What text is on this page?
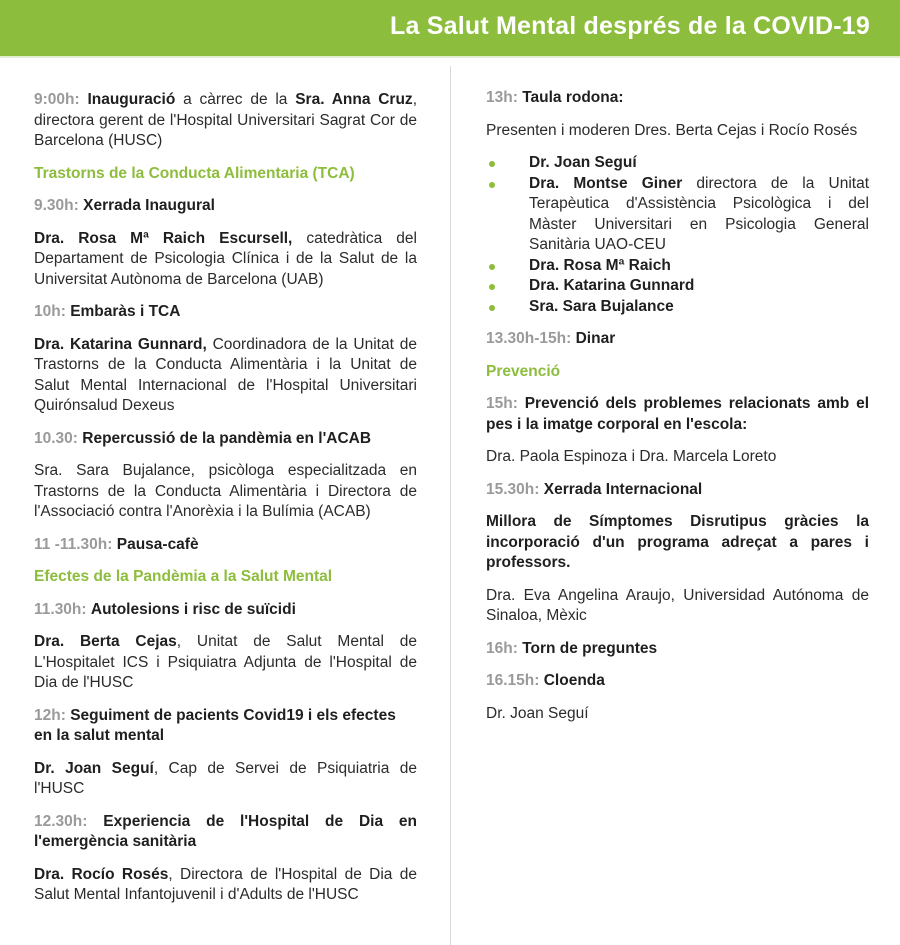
La Salut Mental després de la COVID-19

9:00h: Inauguració a càrrec de la Sra. Anna Cruz, directora gerent de l'Hospital Universitari Sagrat Cor de Barcelona (HUSC)

Trastorns de la Conducta Alimentaria (TCA)

9.30h: Xerrada Inaugural

Dra. Rosa Mª Raich Escursell, catedràtica del Departament de Psicologia Clínica i de la Salut de la Universitat Autònoma de Barcelona (UAB)

10h: Embaràs i TCA

Dra. Katarina Gunnard, Coordinadora de la Unitat de Trastorns de la Conducta Alimentària i la Unitat de Salut Mental Internacional de l'Hospital Universitari Quirónsalud Dexeus

10.30: Repercussió de la pandèmia en l'ACAB

Sra. Sara Bujalance, psicòloga especialitzada en Trastorns de la Conducta Alimentària i Directora de l'Associació contra l'Anorèxia i la Bulímia (ACAB)

11 -11.30h: Pausa-cafè

Efectes de la Pandèmia a la Salut Mental

11.30h: Autolesions i risc de suïcidi

Dra. Berta Cejas, Unitat de Salut Mental de L'Hospitalet ICS i Psiquiatra Adjunta de l'Hospital de Dia de l'HUSC

12h: Seguiment de pacients Covid19 i els efectes en la salut mental

Dr. Joan Seguí, Cap de Servei de Psiquiatria de l'HUSC

12.30h: Experiencia de l'Hospital de Dia en l'emergència sanitària

Dra. Rocío Rosés, Directora de l'Hospital de Dia de Salut Mental Infantojuvenil i d'Adults de l'HUSC

13h: Taula rodona:

Presenten i moderen Dres. Berta Cejas i Rocío Rosés

Dr. Joan Seguí
Dra. Montse Giner directora de la Unitat Terapèutica d'Assistència Psicològica i del Màster Universitari en Psicologia General Sanitària UAO-CEU
Dra. Rosa Mª Raich
Dra. Katarina Gunnard
Sra. Sara Bujalance

13.30h-15h: Dinar

Prevenció

15h: Prevenció dels problemes relacionats amb el pes i la imatge corporal en l'escola:

Dra. Paola Espinoza i Dra. Marcela Loreto

15.30h: Xerrada Internacional

Millora de Símptomes Disrutipus gràcies la incorporació d'un programa adreçat a pares i professors.

Dra. Eva Angelina Araujo, Universidad Autónoma de Sinaloa, Mèxic

16h: Torn de preguntes

16.15h: Cloenda

Dr. Joan Seguí
